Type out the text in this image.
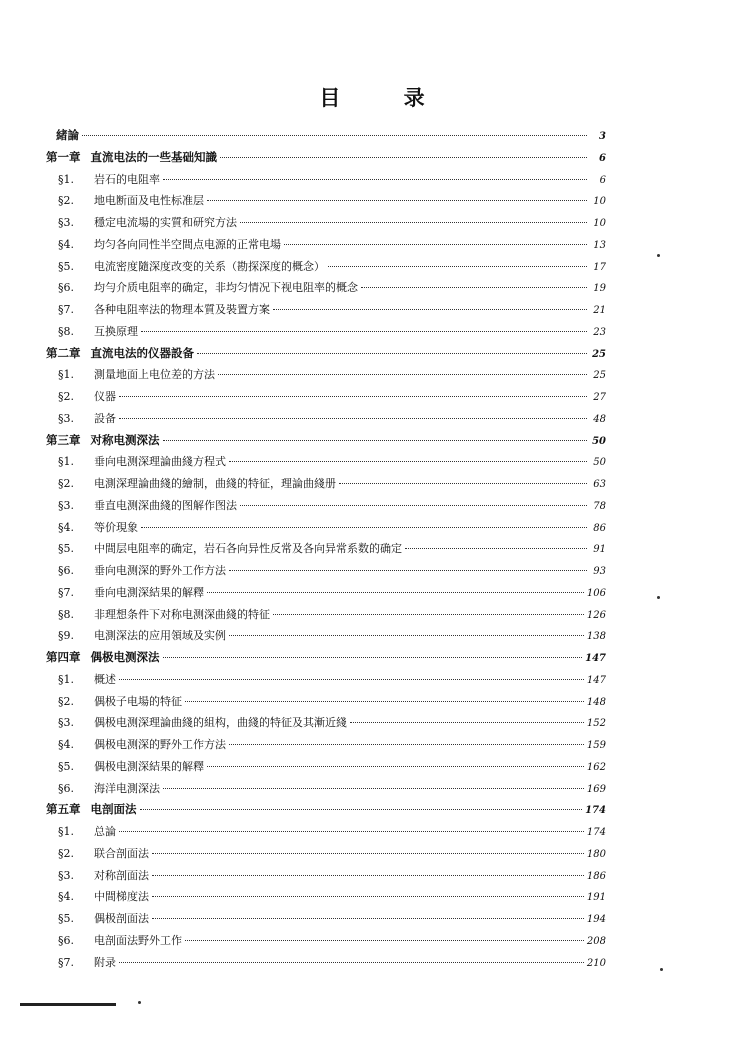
目 录
緒論	3
第一章 直流电法的一些基础知識	6
§1.	岩石的电阻率	6
§2.	地电断面及电性标准层	10
§3.	穩定电流場的实質和研究方法	10
§4.	均匀各向同性半空間点电源的正常电場	13
§5.	电流密度隨深度改变的关系（勘探深度的概念）	17
§6.	均勻介质电阻率的确定，非均匀情况下视电阻率的概念	19
§7.	各种电阻率法的物理本質及裝置方案	21
§8.	互換原理	23
第二章 直流电法的仪器設备	25
§1.	測量地面上电位差的方法	25
§2.	仪器	27
§3.	設备	48
第三章 对称电测深法	50
§1.	垂向电测深理論曲綫方程式	50
§2.	电測深理論曲綫的繪制，曲綫的特征，理論曲綫册	63
§3.	垂直电测深曲綫的图解作图法	78
§4.	等价現象	86
§5.	中間层电阻率的确定，岩石各向异性反常及各向异常系数的确定	91
§6.	垂向电测深的野外工作方法	93
§7.	垂向电測深結果的解釋	106
§8.	非理想条件下对称电测深曲綫的特征	126
§9.	电測深法的应用領域及实例	138
第四章 偶极电测深法	147
§1.	概述	147
§2.	偶极子电場的特征	148
§3.	偶极电测深理論曲綫的組构，曲綫的特征及其漸近綫	152
§4.	偶极电测深的野外工作方法	159
§5.	偶极电測深結果的解釋	162
§6.	海洋电測深法	169
第五章 电剖面法	174
§1.	总論	174
§2.	联合剖面法	180
§3.	对称剖面法	186
§4.	中間梯度法	191
§5.	偶极剖面法	194
§6.	电剖面法野外工作	208
§7.	附录	210
